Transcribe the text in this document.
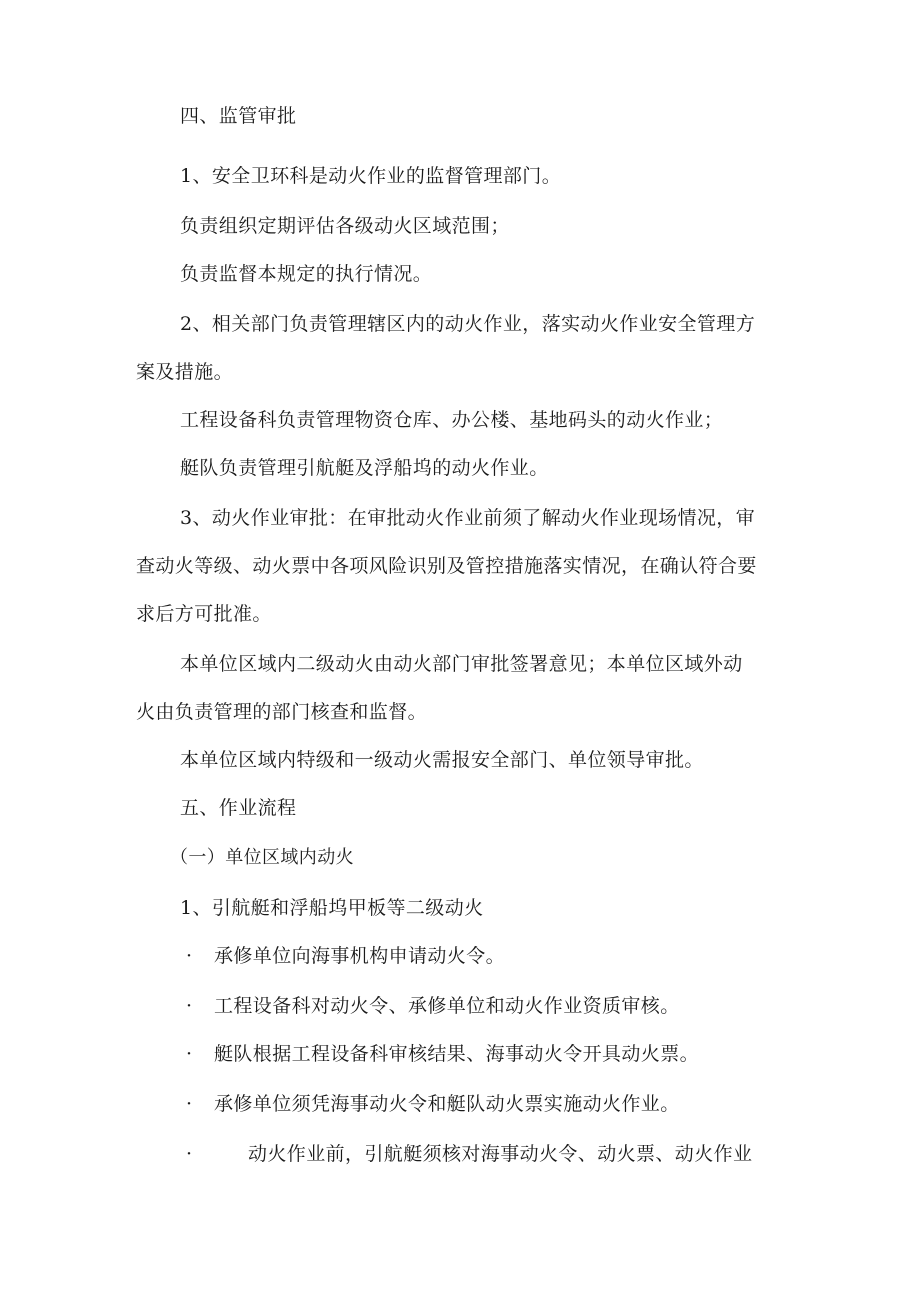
四、监管审批
1、安全卫环科是动火作业的监督管理部门。
负责组织定期评估各级动火区域范围；
负责监督本规定的执行情况。
2、相关部门负责管理辖区内的动火作业，落实动火作业安全管理方
案及措施。
工程设备科负责管理物资仓库、办公楼、基地码头的动火作业；
艇队负责管理引航艇及浮船坞的动火作业。
3、动火作业审批：在审批动火作业前须了解动火作业现场情况，审
查动火等级、动火票中各项风险识别及管控措施落实情况，在确认符合要
求后方可批准。
本单位区域内二级动火由动火部门审批签署意见；本单位区域外动
火由负责管理的部门核查和监督。
本单位区域内特级和一级动火需报安全部门、单位领导审批。
五、作业流程
（一）单位区域内动火
1、引航艇和浮船坞甲板等二级动火
· 承修单位向海事机构申请动火令。
· 工程设备科对动火令、承修单位和动火作业资质审核。
· 艇队根据工程设备科审核结果、海事动火令开具动火票。
· 承修单位须凭海事动火令和艇队动火票实施动火作业。
·	动火作业前，引航艇须核对海事动火令、动火票、动火作业
